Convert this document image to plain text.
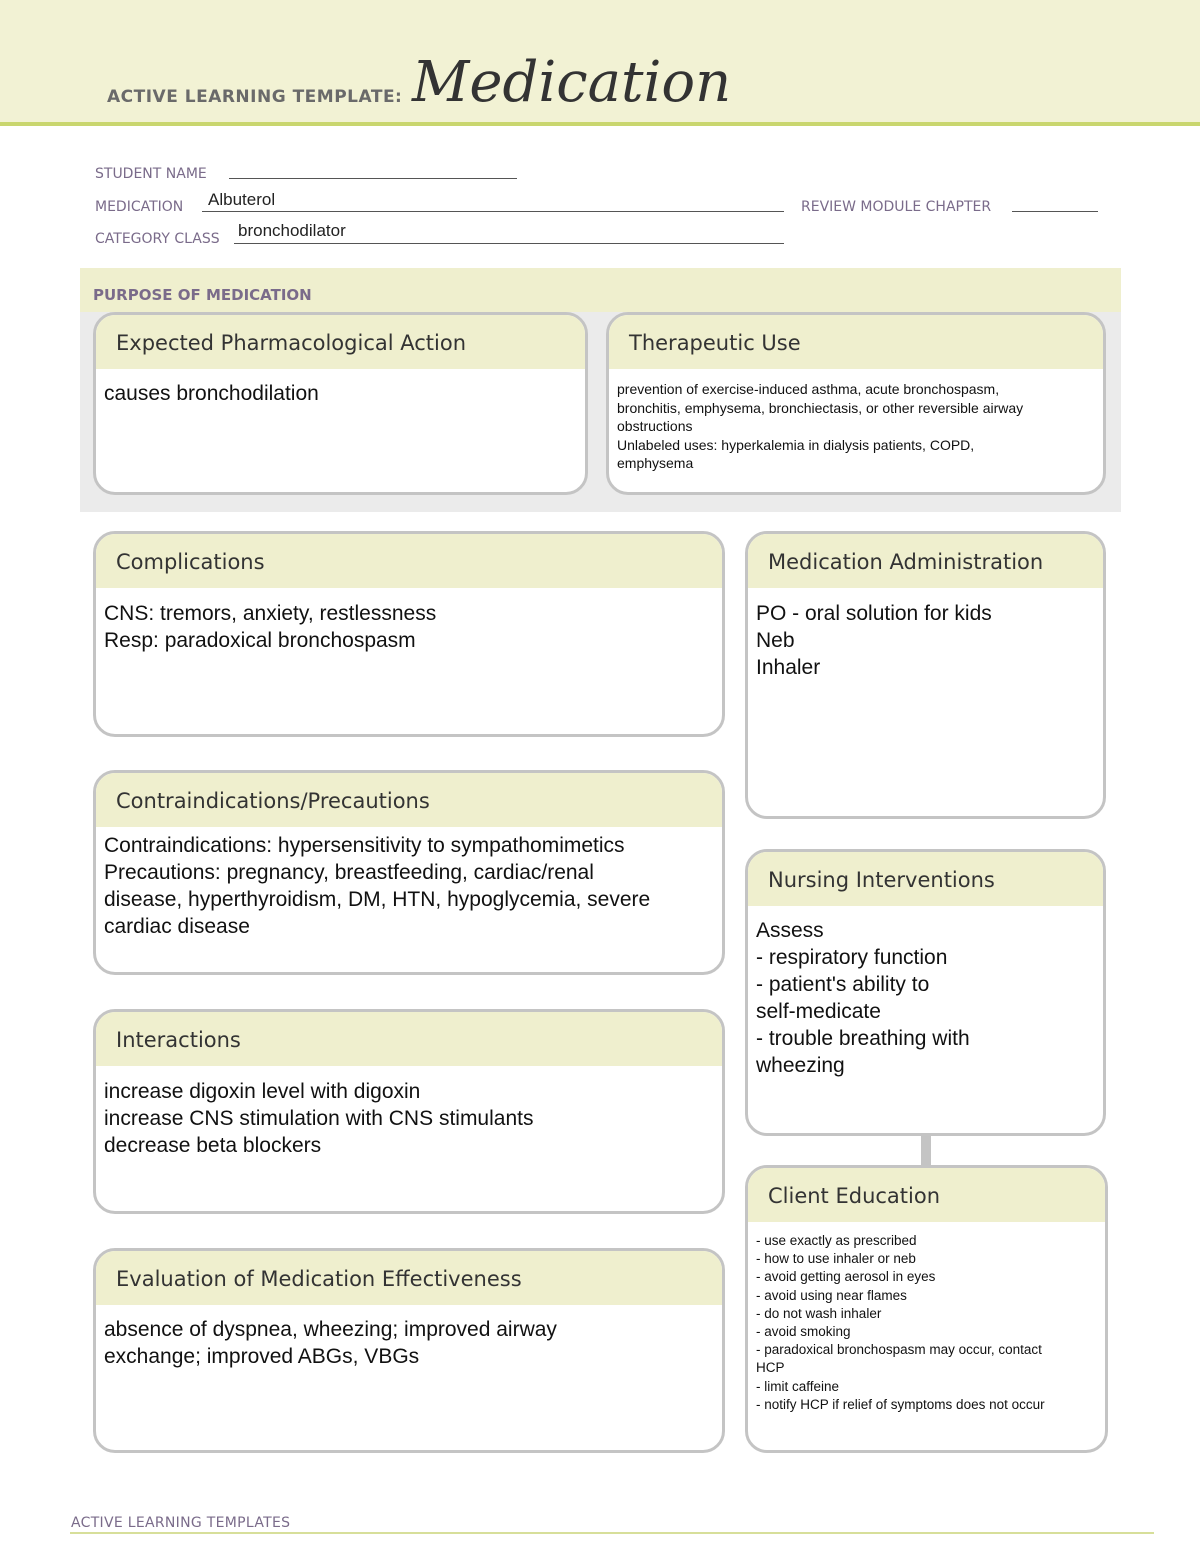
ACTIVE LEARNING TEMPLATE: Medication
STUDENT NAME
MEDICATION Albuterol	REVIEW MODULE CHAPTER
CATEGORY CLASS bronchodilator
PURPOSE OF MEDICATION
Expected Pharmacological Action
causes bronchodilation
Therapeutic Use
prevention of exercise-induced asthma, acute bronchospasm,
bronchitis, emphysema, bronchiectasis, or other reversible airway
obstructions
Unlabeled uses: hyperkalemia in dialysis patients, COPD,
emphysema
Complications
CNS: tremors, anxiety, restlessness
Resp: paradoxical bronchospasm
Contraindications/Precautions
Contraindications: hypersensitivity to sympathomimetics
Precautions: pregnancy, breastfeeding, cardiac/renal
disease, hyperthyroidism, DM, HTN, hypoglycemia, severe
cardiac disease
Interactions
increase digoxin level with digoxin
increase CNS stimulation with CNS stimulants
decrease beta blockers
Evaluation of Medication Effectiveness
absence of dyspnea, wheezing; improved airway
exchange; improved ABGs, VBGs
Medication Administration
PO - oral solution for kids
Neb
Inhaler
Nursing Interventions
Assess
- respiratory function
- patient's ability to
self-medicate
- trouble breathing with
wheezing
Client Education
- use exactly as prescribed
- how to use inhaler or neb
- avoid getting aerosol in eyes
- avoid using near flames
- do not wash inhaler
- avoid smoking
- paradoxical bronchospasm may occur, contact
HCP
- limit caffeine
- notify HCP if relief of symptoms does not occur
ACTIVE LEARNING TEMPLATES
